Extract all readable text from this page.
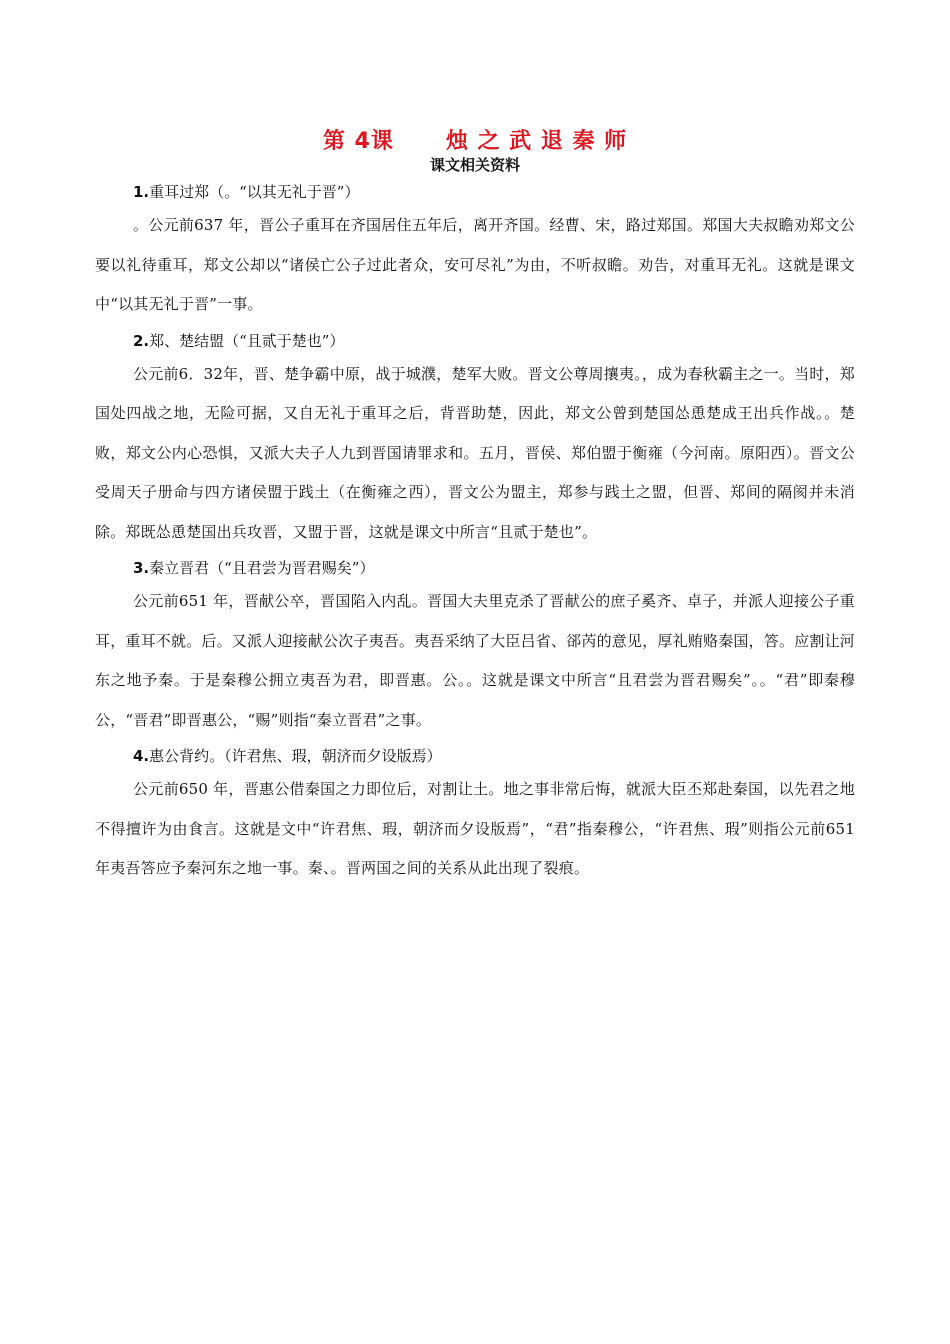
第 4课      烛 之 武 退 秦 师
课文相关资料
1.重耳过郑（。“以其无礼于晋”）

。公元前637 年，晋公子重耳在齐国居住五年后，离开齐国。经曹、宋，路过郑国。郑国大夫叔瞻劝郑文公要以礼待重耳，郑文公却以“诸侯亡公子过此者众，安可尽礼”为由，不听叔瞻。劝告，对重耳无礼。这就是课文中“以其无礼于晋”一事。

2.郑、楚结盟（“且贰于楚也”）

公元前6．32年，晋、楚争霸中原，战于城濮，楚军大败。晋文公尊周攘夷。，成为春秋霸主之一。当时，郑国处四战之地，无险可据，又自无礼于重耳之后，背晋助楚，因此，郑文公曾到楚国怂恿楚成王出兵作战。。楚败，郑文公内心恐惧，又派大夫子人九到晋国请罪求和。五月，晋侯、郑伯盟于衡雍（今河南。原阳西）。晋文公受周天子册命与四方诸侯盟于践土（在衡雍之西），晋文公为盟主，郑参与践土之盟，但晋、郑间的隔阂并未消除。郑既怂恿楚国出兵攻晋，又盟于晋，这就是课文中所言“且贰于楚也”。

3.秦立晋君（“且君尝为晋君赐矣”）

公元前651 年，晋献公卒，晋国陷入内乱。晋国大夫里克杀了晋献公的庶子奚齐、卓子，并派人迎接公子重耳，重耳不就。后。又派人迎接献公次子夷吾。夷吾采纳了大臣吕省、郤芮的意见，厚礼贿赂秦国，答。应割让河东之地予秦。于是秦穆公拥立夷吾为君，即晋惠。公。。这就是课文中所言“且君尝为晋君赐矣”。。“君”即秦穆公，“晋君”即晋惠公，“赐”则指“秦立晋君”之事。

4.惠公背约。（许君焦、瑕，朝济而夕设版焉）

公元前650 年，晋惠公借秦国之力即位后，对割让土。地之事非常后悔，就派大臣丕郑赴秦国，以先君之地不得擅许为由食言。这就是文中“许君焦、瑕，朝济而夕设版焉”，“君”指秦穆公，“许君焦、瑕”则指公元前651 年夷吾答应予秦河东之地一事。秦、。晋两国之间的关系从此出现了裂痕。
